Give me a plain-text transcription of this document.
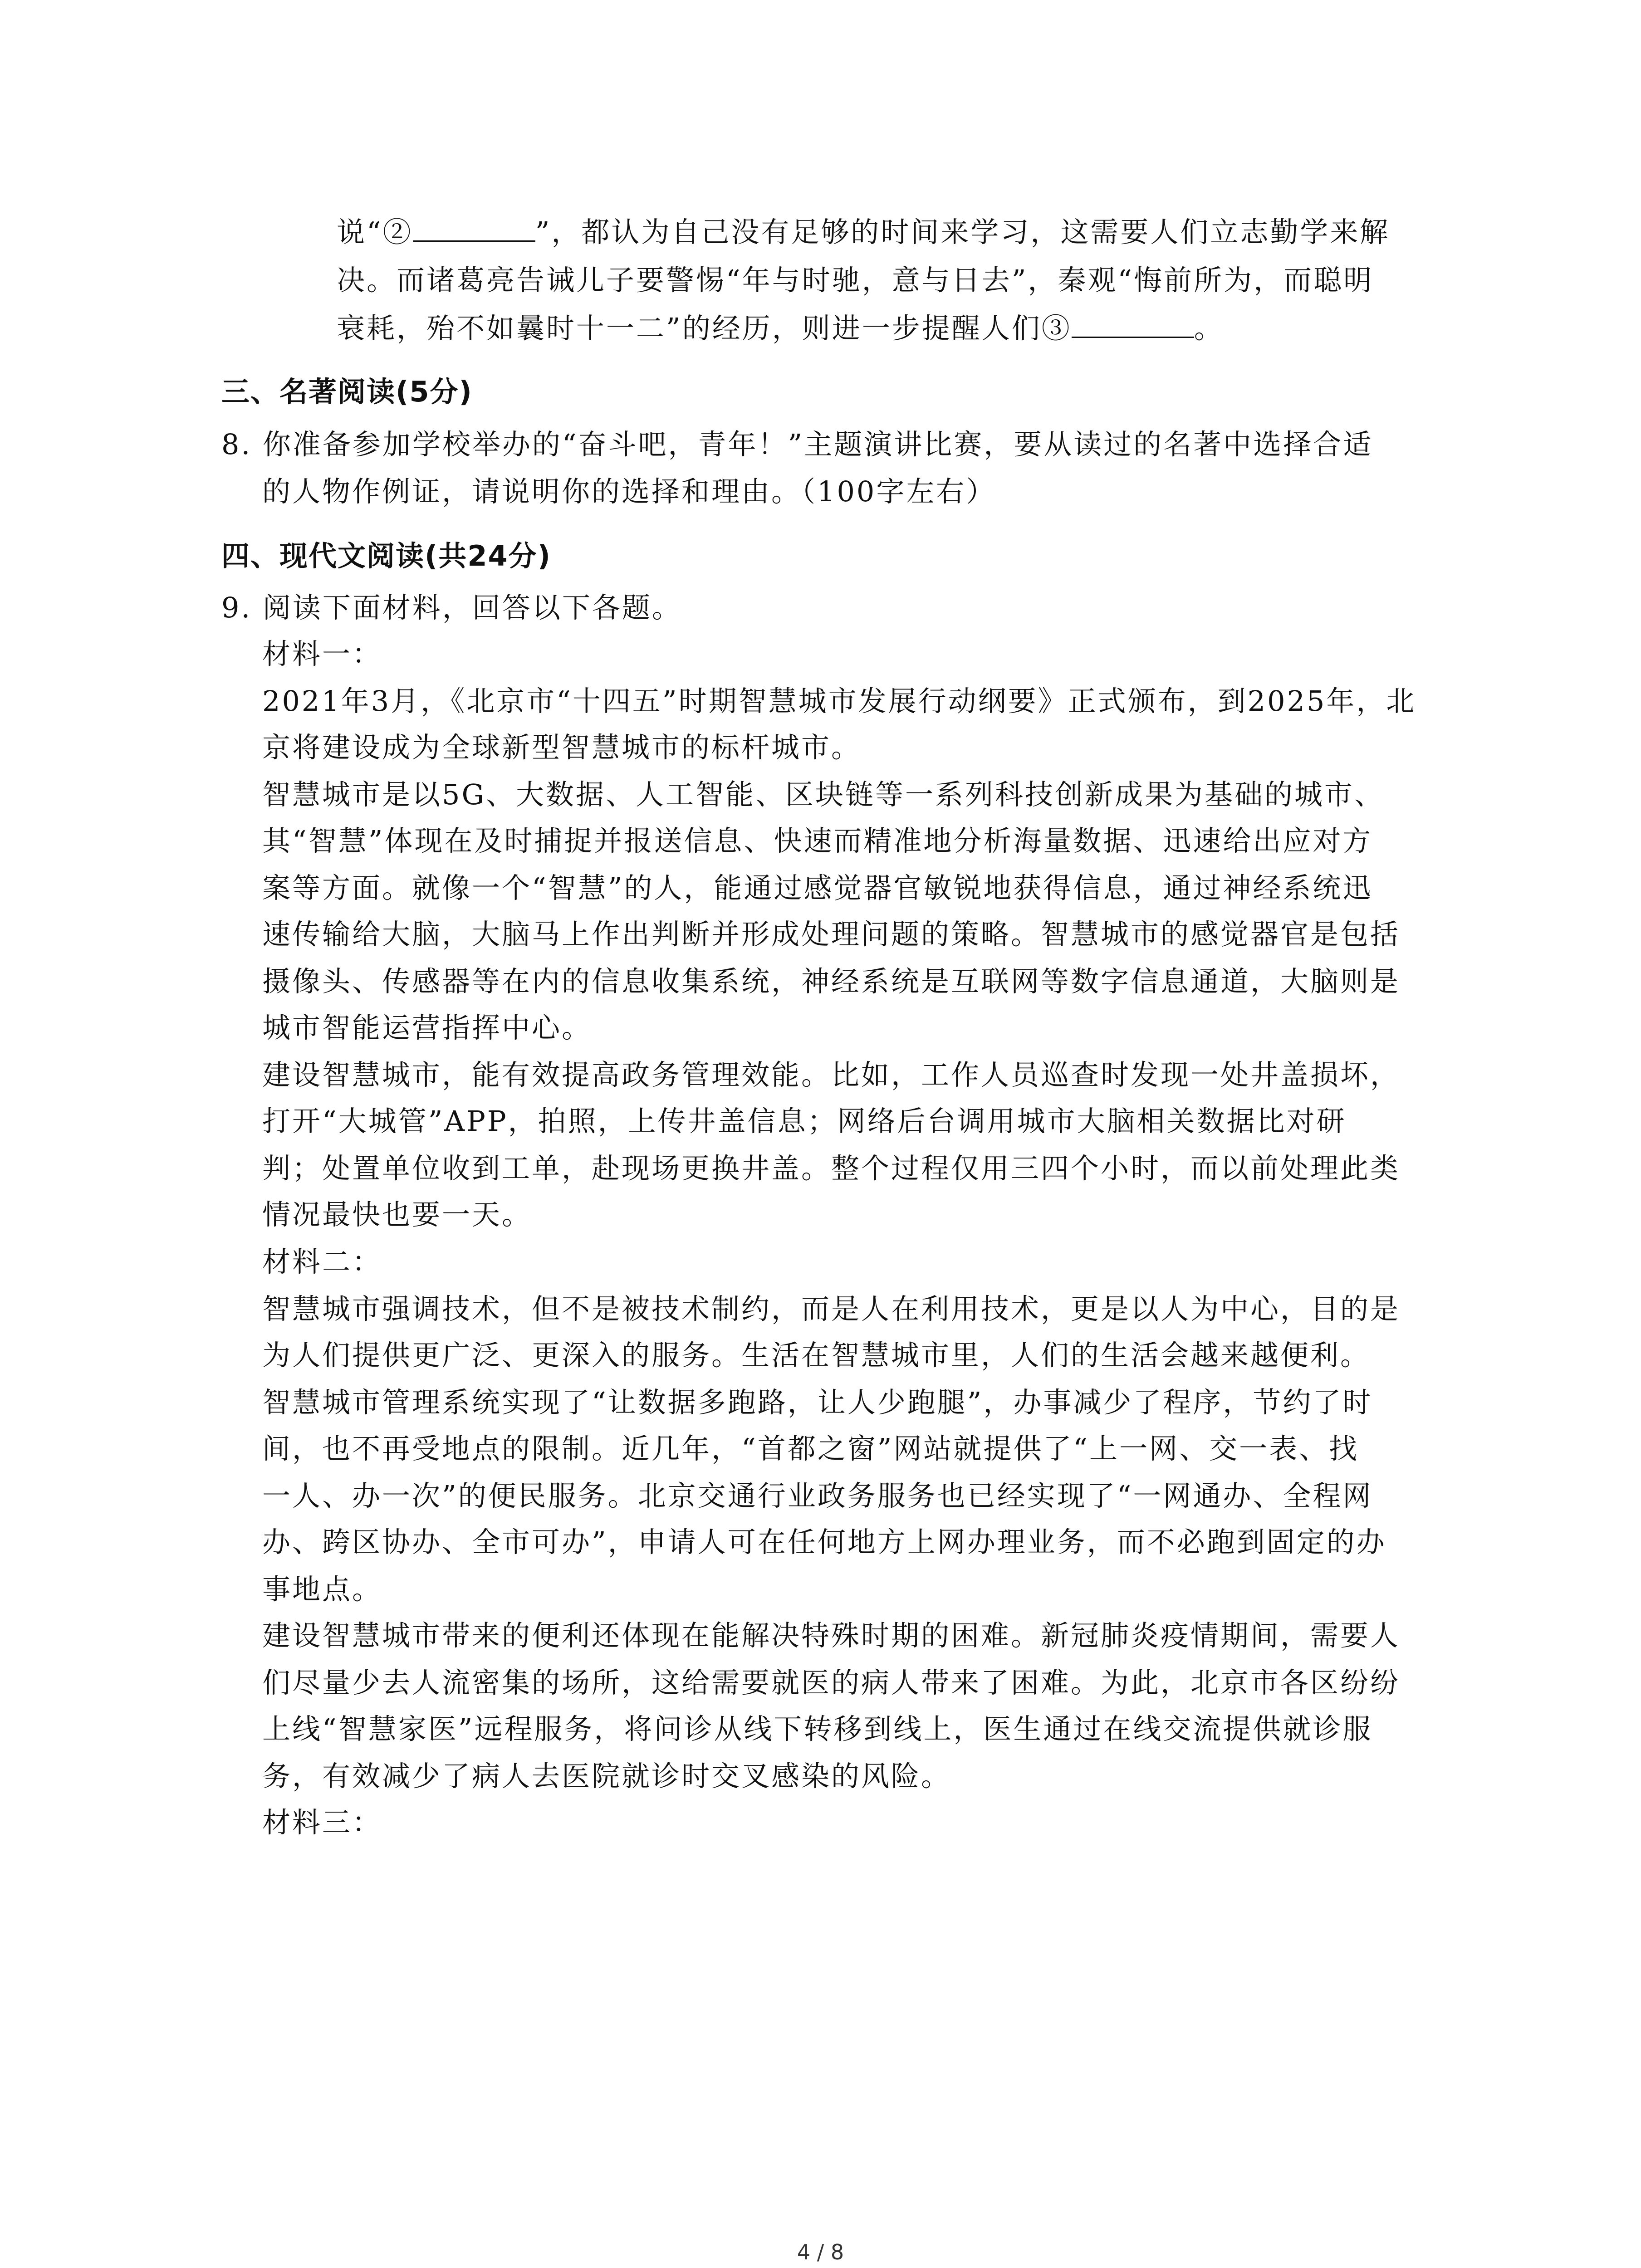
说“②	”，都认为自己没有足够的时间来学习，这需要人们立志勤学来解
决。而诸葛亮告诫儿子要警惕“年与时驰，意与日去”，秦观“悔前所为，而聪明
衰耗，殆不如曩时十一二”的经历，则进一步提醒人们③	。
三、名著阅读(5分)
8. 你准备参加学校举办的“奋斗吧，青年！”主题演讲比赛，要从读过的名著中选择合适
的人物作例证，请说明你的选择和理由。（100字左右）
四、现代文阅读(共24分)
9. 阅读下面材料，回答以下各题。
材料一：
2021年3月，《北京市“十四五”时期智慧城市发展行动纲要》正式颁布，到2025年，北
京将建设成为全球新型智慧城市的标杆城市。
智慧城市是以5G、大数据、人工智能、区块链等一系列科技创新成果为基础的城市、
其“智慧”体现在及时捕捉并报送信息、快速而精准地分析海量数据、迅速给出应对方
案等方面。就像一个“智慧”的人，能通过感觉器官敏锐地获得信息，通过神经系统迅
速传输给大脑，大脑马上作出判断并形成处理问题的策略。智慧城市的感觉器官是包括
摄像头、传感器等在内的信息收集系统，神经系统是互联网等数字信息通道，大脑则是
城市智能运营指挥中心。
建设智慧城市，能有效提高政务管理效能。比如，工作人员巡查时发现一处井盖损坏，
打开“大城管”APP，拍照，上传井盖信息；网络后台调用城市大脑相关数据比对研
判；处置单位收到工单，赴现场更换井盖。整个过程仅用三四个小时，而以前处理此类
情况最快也要一天。
材料二：
智慧城市强调技术，但不是被技术制约，而是人在利用技术，更是以人为中心，目的是
为人们提供更广泛、更深入的服务。生活在智慧城市里，人们的生活会越来越便利。
智慧城市管理系统实现了“让数据多跑路，让人少跑腿”，办事减少了程序，节约了时
间，也不再受地点的限制。近几年，“首都之窗”网站就提供了“上一网、交一表、找
一人、办一次”的便民服务。北京交通行业政务服务也已经实现了“一网通办、全程网
办、跨区协办、全市可办”，申请人可在任何地方上网办理业务，而不必跑到固定的办
事地点。
建设智慧城市带来的便利还体现在能解决特殊时期的困难。新冠肺炎疫情期间，需要人
们尽量少去人流密集的场所，这给需要就医的病人带来了困难。为此，北京市各区纷纷
上线“智慧家医”远程服务，将问诊从线下转移到线上，医生通过在线交流提供就诊服
务，有效减少了病人去医院就诊时交叉感染的风险。
材料三：
4 / 8
